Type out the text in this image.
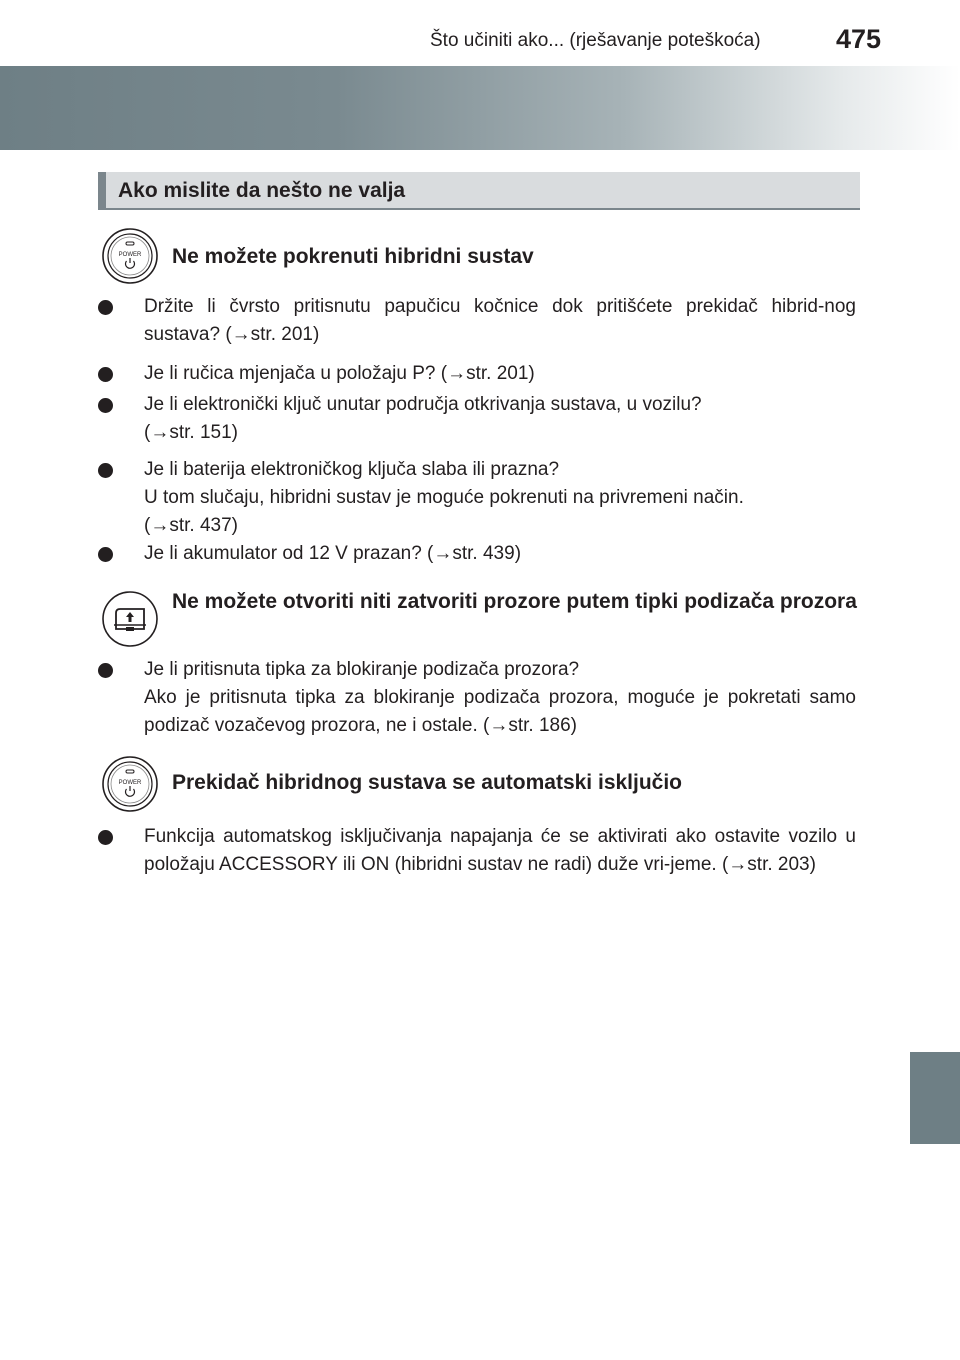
Što učiniti ako... (rješavanje poteškoća)	475
Ako mislite da nešto ne valja
POWER Ne možete pokrenuti hibridni sustav

Držite li čvrsto pritisnutu papučicu kočnice dok pritišćete prekidač hibrid-nog sustava? (→str. 201)

Je li ručica mjenjača u položaju P? (→str. 201)

Je li elektronički ključ unutar područja otkrivanja sustava, u vozilu?

(→str. 151)

Je li baterija elektroničkog ključa slaba ili prazna?

U tom slučaju, hibridni sustav je moguće pokrenuti na privremeni način.

(→str. 437)

Je li akumulator od 12 V prazan? (→str. 439)

Ne možete otvoriti niti zatvoriti prozore putem tipki podizača prozora

Je li pritisnuta tipka za blokiranje podizača prozora?

Ako je pritisnuta tipka za blokiranje podizača prozora, moguće je pokretati samo podizač vozačevog prozora, ne i ostale. (→str. 186)

POWER Prekidač hibridnog sustava se automatski isključio

Funkcija automatskog isključivanja napajanja će se aktivirati ako ostavite vozilo u položaju ACCESSORY ili ON (hibridni sustav ne radi) duže vri-jeme. (→str. 203)
